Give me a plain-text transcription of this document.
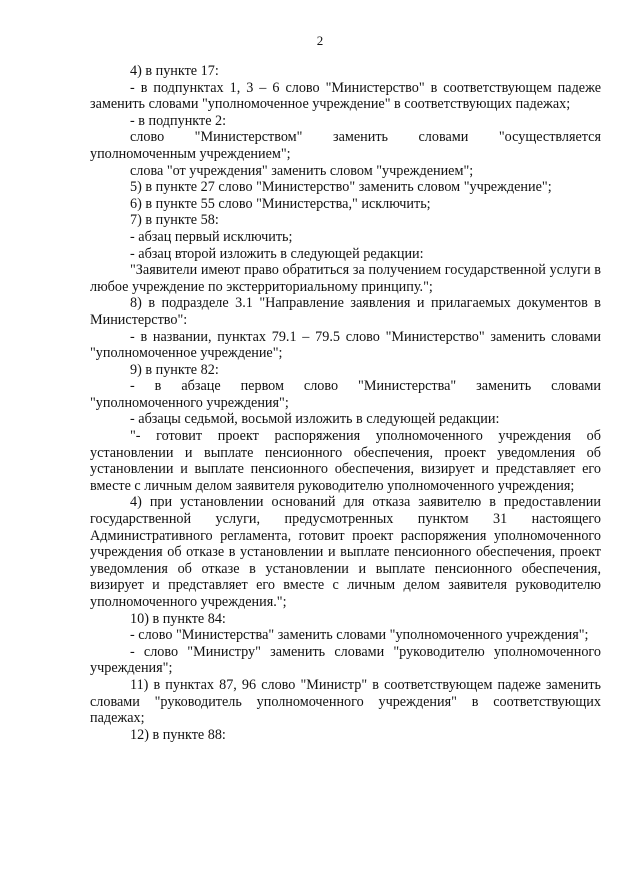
2

4) в пункте 17:

- в подпунктах 1, 3 – 6 слово "Министерство" в соответствующем падеже заменить словами "уполномоченное учреждение" в соответствующих падежах;

- в подпункте 2:

слово "Министерством" заменить словами "осуществляется уполномоченным учреждением";

слова "от учреждения" заменить словом "учреждением";

5) в пункте 27 слово "Министерство" заменить словом "учреждение";

6) в пункте 55 слово "Министерства," исключить;

7) в пункте 58:

- абзац первый исключить;

- абзац второй изложить в следующей редакции:

"Заявители имеют право обратиться за получением государственной услуги в любое учреждение по экстерриториальному принципу.";

8) в подразделе 3.1 "Направление заявления и прилагаемых документов в Министерство":

- в названии, пунктах 79.1 – 79.5 слово "Министерство" заменить словами "уполномоченное учреждение";

9) в пункте 82:

- в абзаце первом слово "Министерства" заменить словами "уполномоченного учреждения";

- абзацы седьмой, восьмой изложить в следующей редакции:

"- готовит проект распоряжения уполномоченного учреждения об установлении и выплате пенсионного обеспечения, проект уведомления об установлении и выплате пенсионного обеспечения, визирует и представляет его вместе с личным делом заявителя руководителю уполномоченного учреждения;

4) при установлении оснований для отказа заявителю в предоставлении государственной услуги, предусмотренных пунктом 31 настоящего Административного регламента, готовит проект распоряжения уполномоченного учреждения об отказе в установлении и выплате пенсионного обеспечения, проект уведомления об отказе в установлении и выплате пенсионного обеспечения, визирует и представляет его вместе с личным делом заявителя руководителю уполномоченного учреждения.";

10) в пункте 84:

- слово "Министерства" заменить словами "уполномоченного учреждения";

- слово "Министру" заменить словами "руководителю уполномоченного учреждения";

11) в пунктах 87, 96 слово "Министр" в соответствующем падеже заменить словами "руководитель уполномоченного учреждения" в соответствующих падежах;

12) в пункте 88:
